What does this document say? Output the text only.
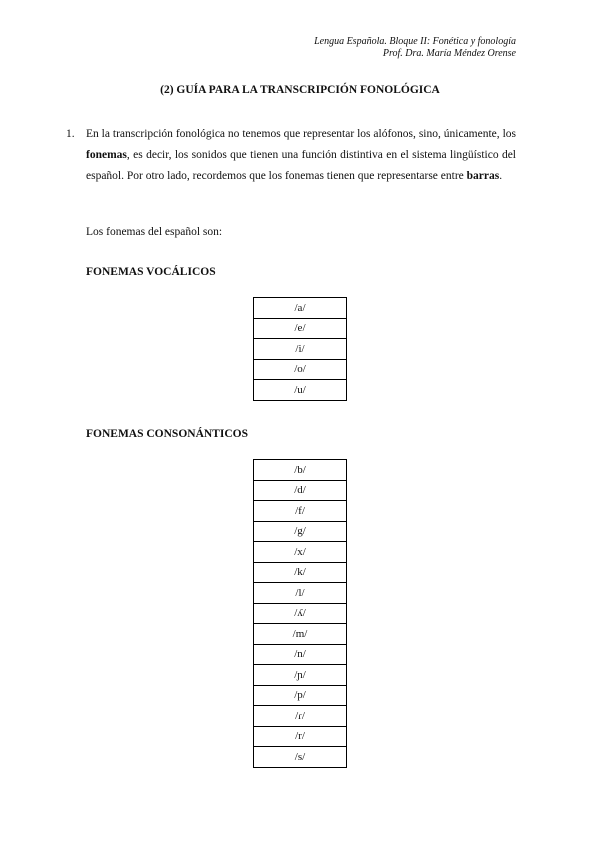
Lengua Española. Bloque II: Fonética y fonología
Prof. Dra. María Méndez Orense
(2) GUÍA PARA LA TRANSCRIPCIÓN FONOLÓGICA
1. En la transcripción fonológica no tenemos que representar los alófonos, sino, únicamente, los fonemas, es decir, los sonidos que tienen una función distintiva en el sistema lingüístico del español. Por otro lado, recordemos que los fonemas tienen que representarse entre barras.
Los fonemas del español son:
FONEMAS VOCÁLICOS
/a/
/e/
/i/
/o/
/u/
FONEMAS CONSONÁNTICOS
/b/
/d/
/f/
/g/
/x/
/k/
/l/
/ʎ/
/m/
/n/
/ɲ/
/p/
/ɾ/
/r/
/s/
